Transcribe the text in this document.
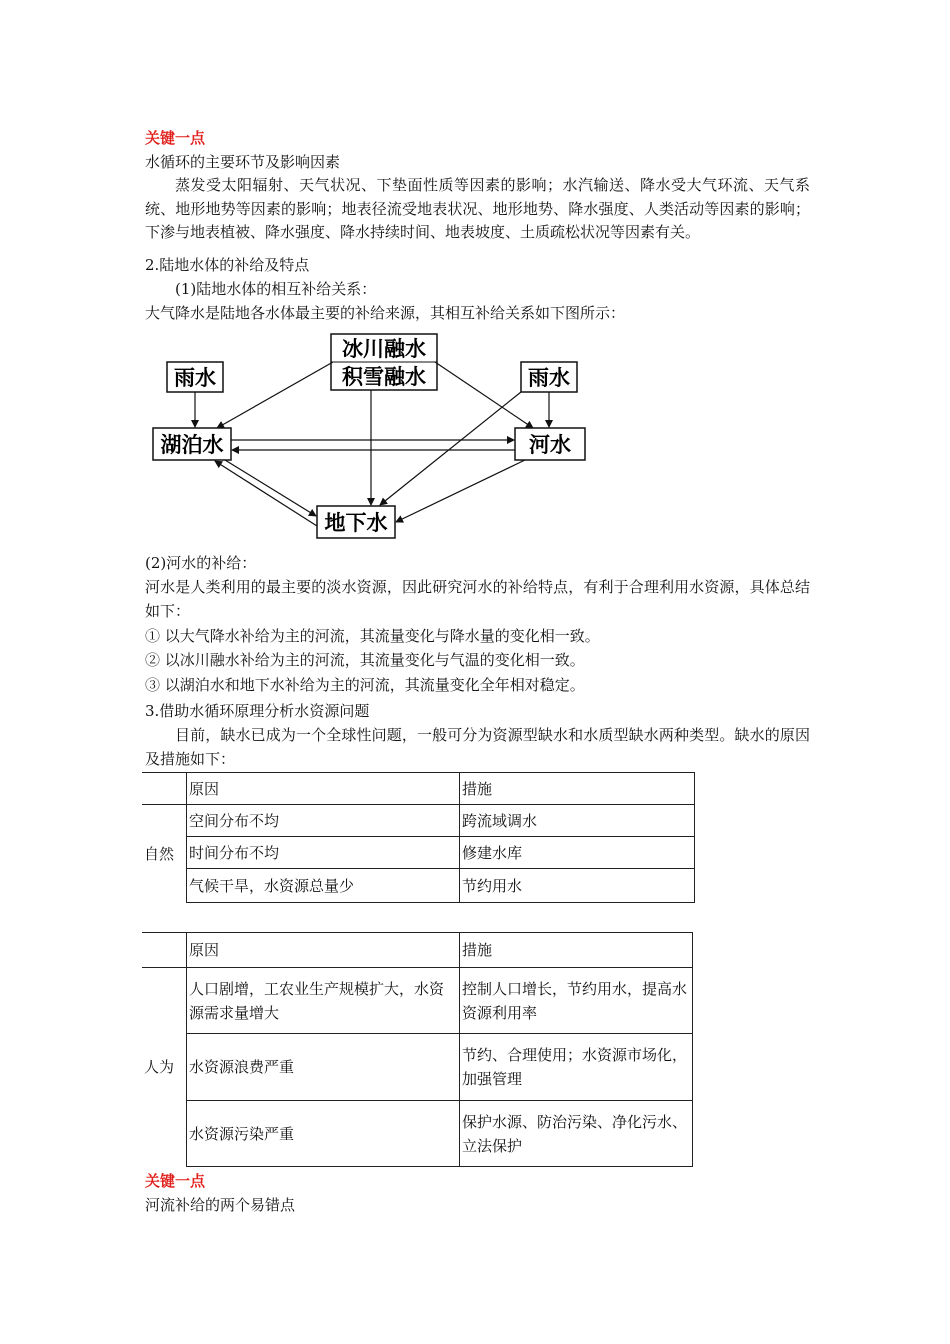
关键一点
水循环的主要环节及影响因素
蒸发受太阳辐射、天气状况、下垫面性质等因素的影响；水汽输送、降水受大气环流、天气系统、地形地势等因素的影响；地表径流受地表状况、地形地势、降水强度、人类活动等因素的影响；下渗与地表植被、降水强度、降水持续时间、地表坡度、土质疏松状况等因素有关。
2.陆地水体的补给及特点
(1)陆地水体的相互补给关系：
大气降水是陆地各水体最主要的补给来源，其相互补给关系如下图所示：
冰川融水
积雪融水
雨水	雨水
湖泊水	河水
地下水
(2)河水的补给：
河水是人类利用的最主要的淡水资源，因此研究河水的补给特点，有利于合理利用水资源，具体总结如下：
① 以大气降水补给为主的河流，其流量变化与降水量的变化相一致。
② 以冰川融水补给为主的河流，其流量变化与气温的变化相一致。
③ 以湖泊水和地下水补给为主的河流，其流量变化全年相对稳定。
3.借助水循环原理分析水资源问题
目前，缺水已成为一个全球性问题，一般可分为资源型缺水和水质型缺水两种类型。缺水的原因及措施如下：
	原因	措施
自然	空间分布不均	跨流域调水
	时间分布不均	修建水库
	气候干旱，水资源总量少	节约用水
	原因	措施
人为	人口剧增，工农业生产规模扩大，水资源需求量增大	控制人口增长，节约用水，提高水资源利用率
	水资源浪费严重	节约、合理使用；水资源市场化，加强管理
	水资源污染严重	保护水源、防治污染、净化污水、立法保护
关键一点
河流补给的两个易错点
